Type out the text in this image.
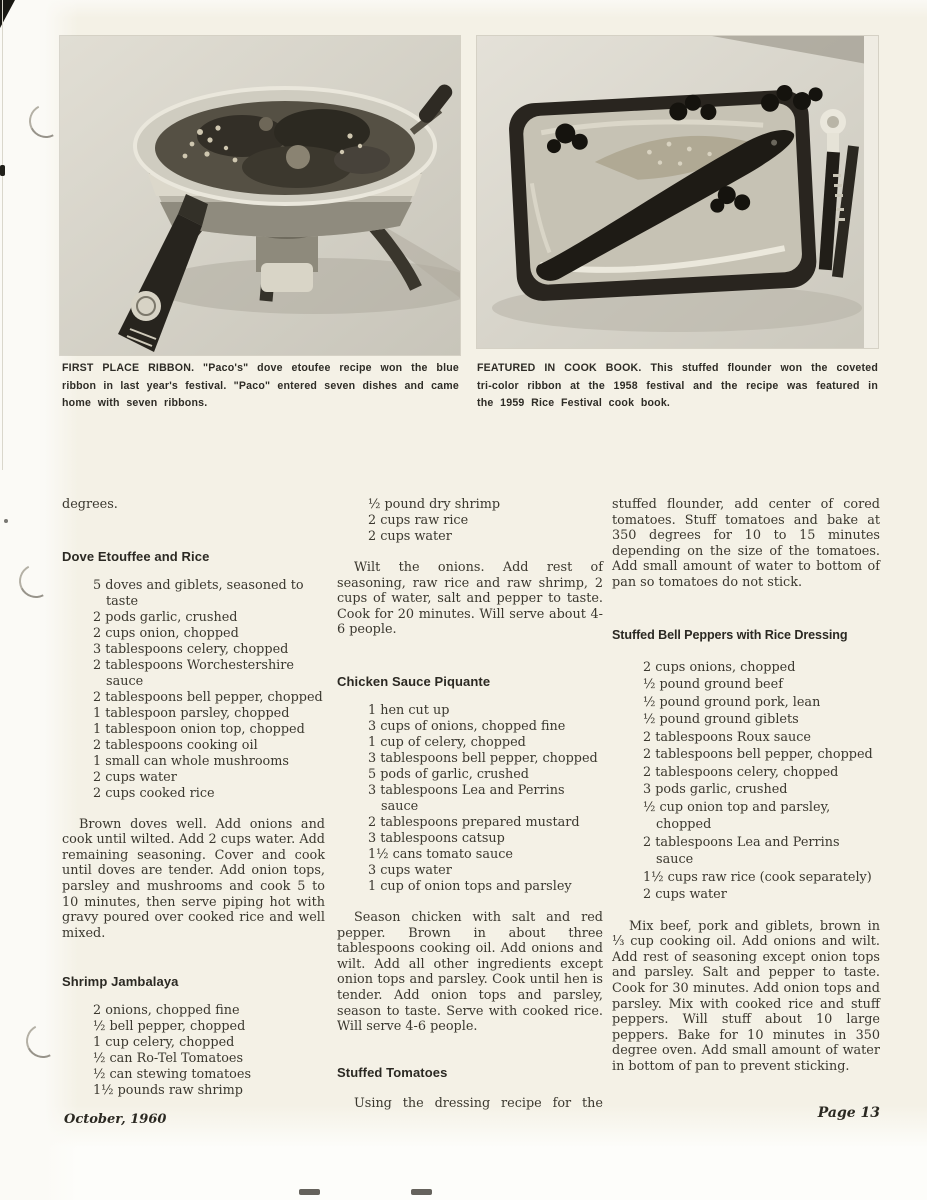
FIRST PLACE RIBBON. "Paco's" dove etoufee recipe won the blue ribbon in last year's festival. "Paco" entered seven dishes and came home with seven ribbons.

FEATURED IN COOK BOOK. This stuffed flounder won the coveted tri-color ribbon at the 1958 festival and the recipe was featured in the 1959 Rice Festival cook book.

degrees.

Dove Etouffee and Rice
5 doves and giblets, seasoned to taste
2 pods garlic, crushed
2 cups onion, chopped
3 tablespoons celery, chopped
2 tablespoons Worchestershire sauce
2 tablespoons bell pepper, chopped
1 tablespoon parsley, chopped
1 tablespoon onion top, chopped
2 tablespoons cooking oil
1 small can whole mushrooms
2 cups water
2 cups cooked rice

Brown doves well. Add onions and cook until wilted. Add 2 cups water. Add remaining seasoning. Cover and cook until doves are tender. Add onion tops, parsley and mushrooms and cook 5 to 10 minutes, then serve piping hot with gravy poured over cooked rice and well mixed.

Shrimp Jambalaya
2 onions, chopped fine
½ bell pepper, chopped
1 cup celery, chopped
½ can Ro-Tel Tomatoes
½ can stewing tomatoes
1½ pounds raw shrimp
½ pound dry shrimp
2 cups raw rice
2 cups water

Wilt the onions. Add rest of seasoning, raw rice and raw shrimp, 2 cups of water, salt and pepper to taste. Cook for 20 minutes. Will serve about 4-6 people.

Chicken Sauce Piquante
1 hen cut up
3 cups of onions, chopped fine
1 cup of celery, chopped
3 tablespoons bell pepper, chopped
5 pods of garlic, crushed
3 tablespoons Lea and Perrins sauce
2 tablespoons prepared mustard
3 tablespoons catsup
1½ cans tomato sauce
3 cups water
1 cup of onion tops and parsley

Season chicken with salt and red pepper. Brown in about three tablespoons cooking oil. Add onions and wilt. Add all other ingredients except onion tops and parsley. Cook until hen is tender. Add onion tops and parsley, season to taste. Serve with cooked rice. Will serve 4-6 people.

Stuffed Tomatoes

Using the dressing recipe for the

stuffed flounder, add center of cored tomatoes. Stuff tomatoes and bake at 350 degrees for 10 to 15 minutes depending on the size of the tomatoes. Add small amount of water to bottom of pan so tomatoes do not stick.

Stuffed Bell Peppers with Rice Dressing
2 cups onions, chopped
½ pound ground beef
½ pound ground pork, lean
½ pound ground giblets
2 tablespoons Roux sauce
2 tablespoons bell pepper, chopped
2 tablespoons celery, chopped
3 pods garlic, crushed
½ cup onion top and parsley, chopped
2 tablespoons Lea and Perrins sauce
1½ cups raw rice (cook separately)
2 cups water

Mix beef, pork and giblets, brown in ⅓ cup cooking oil. Add onions and wilt. Add rest of seasoning except onion tops and parsley. Salt and pepper to taste. Cook for 30 minutes. Add onion tops and parsley. Mix with cooked rice and stuff peppers. Will stuff about 10 large peppers. Bake for 10 minutes in 350 degree oven. Add small amount of water in bottom of pan to prevent sticking.

October, 1960	Page 13
